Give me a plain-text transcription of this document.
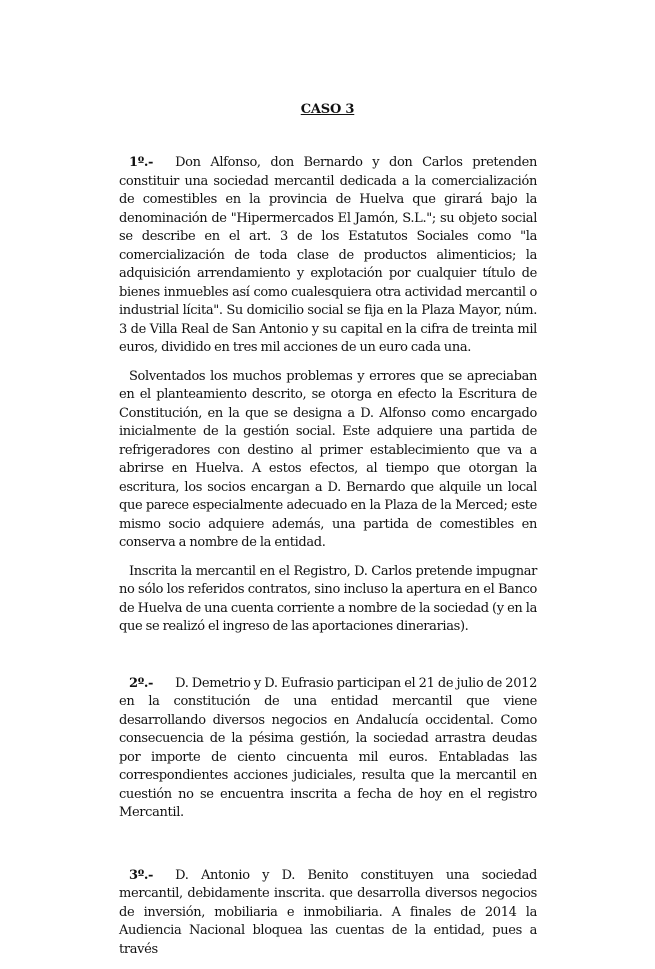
CASO 3

1º.- Don Alfonso, don Bernardo y don Carlos pretenden constituir una sociedad mercantil dedicada a la comercialización de comestibles en la provincia de Huelva que girará bajo la denominación de "Hipermercados El Jamón, S.L."; su objeto social se describe en el art. 3 de los Estatutos Sociales como "la comercialización de toda clase de productos alimenticios; la adquisición arrendamiento y explotación por cualquier título de bienes inmuebles así como cualesquiera otra actividad mercantil o industrial lícita". Su domicilio social se fija en la Plaza Mayor, núm. 3 de Villa Real de San Antonio y su capital en la cifra de treinta mil euros, dividido en tres mil acciones de un euro cada una.

Solventados los muchos problemas y errores que se apreciaban en el planteamiento descrito, se otorga en efecto la Escritura de Constitución, en la que se designa a D. Alfonso como encargado inicialmente de la gestión social. Este adquiere una partida de refrigeradores con destino al primer establecimiento que va a abrirse en Huelva. A estos efectos, al tiempo que otorgan la escritura, los socios encargan a D. Bernardo que alquile un local que parece especialmente adecuado en la Plaza de la Merced; este mismo socio adquiere además, una partida de comestibles en conserva a nombre de la entidad.

Inscrita la mercantil en el Registro, D. Carlos pretende impugnar no sólo los referidos contratos, sino incluso la apertura en el Banco de Huelva de una cuenta corriente a nombre de la sociedad (y en la que se realizó el ingreso de las aportaciones dinerarias).

2º.- D. Demetrio y D. Eufrasio participan el 21 de julio de 2012 en la constitución de una entidad mercantil que viene desarrollando diversos negocios en Andalucía occidental. Como consecuencia de la pésima gestión, la sociedad arrastra deudas por importe de ciento cincuenta mil euros. Entabladas las correspondientes acciones judiciales, resulta que la mercantil en cuestión no se encuentra inscrita a fecha de hoy en el registro Mercantil.

3º.- D. Antonio y D. Benito constituyen una sociedad mercantil, debidamente inscrita. que desarrolla diversos negocios de inversión, mobiliaria e inmobiliaria. A finales de 2014 la Audiencia Nacional bloquea las cuentas de la entidad, pues a través
